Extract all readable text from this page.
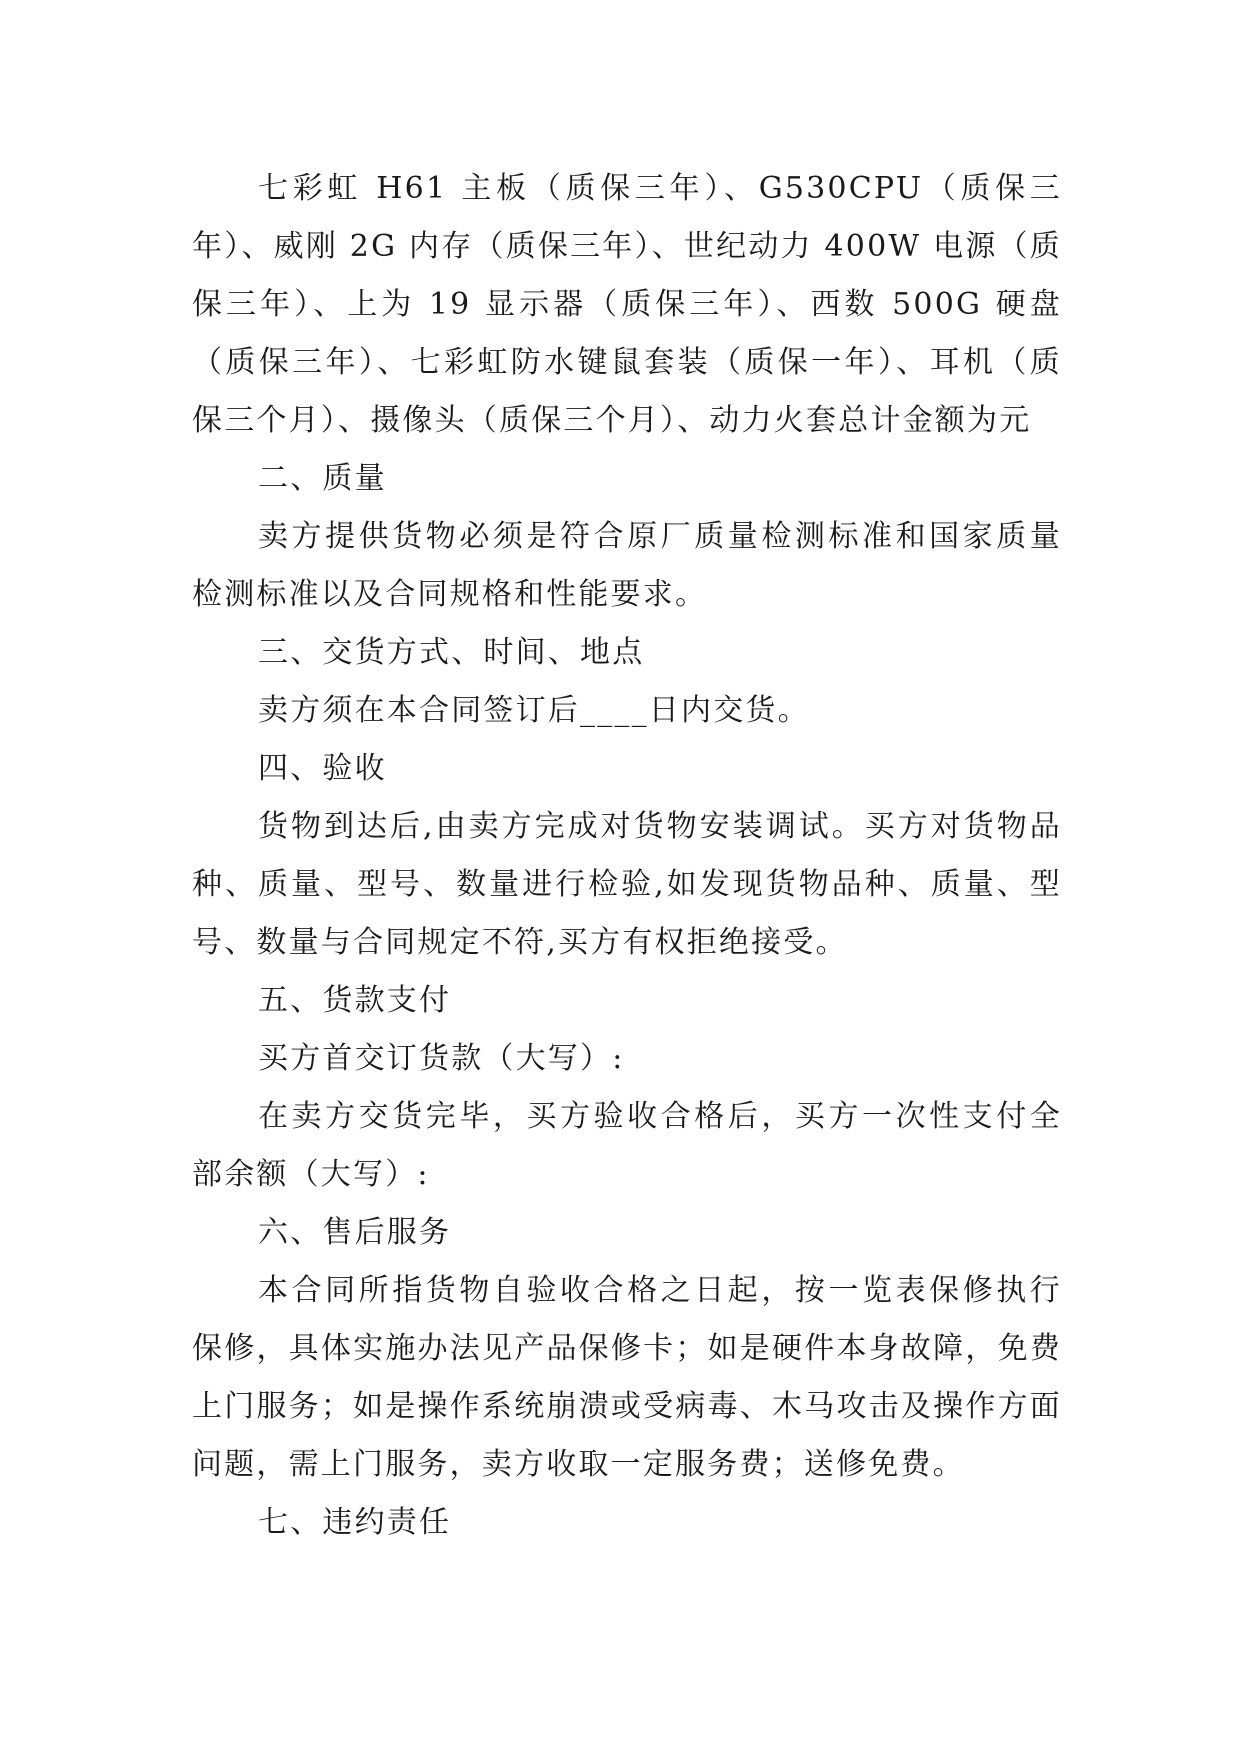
七彩虹 H61 主板（质保三年）、G530CPU（质保三年）、威刚 2G 内存（质保三年）、世纪动力 400W 电源（质保三年）、上为 19 显示器（质保三年）、西数 500G 硬盘（质保三年）、七彩虹防水键鼠套装（质保一年）、耳机（质保三个月）、摄像头（质保三个月）、动力火套总计金额为元

二、质量

卖方提供货物必须是符合原厂质量检测标准和国家质量检测标准以及合同规格和性能要求。

三、交货方式、时间、地点

卖方须在本合同签订后____日内交货。

四、验收

货物到达后,由卖方完成对货物安装调试。买方对货物品种、质量、型号、数量进行检验,如发现货物品种、质量、型号、数量与合同规定不符,买方有权拒绝接受。

五、货款支付

买方首交订货款（大写）:

在卖方交货完毕，买方验收合格后，买方一次性支付全部余额（大写）:

六、售后服务

本合同所指货物自验收合格之日起，按一览表保修执行保修，具体实施办法见产品保修卡；如是硬件本身故障，免费上门服务；如是操作系统崩溃或受病毒、木马攻击及操作方面问题，需上门服务，卖方收取一定服务费；送修免费。

七、违约责任
